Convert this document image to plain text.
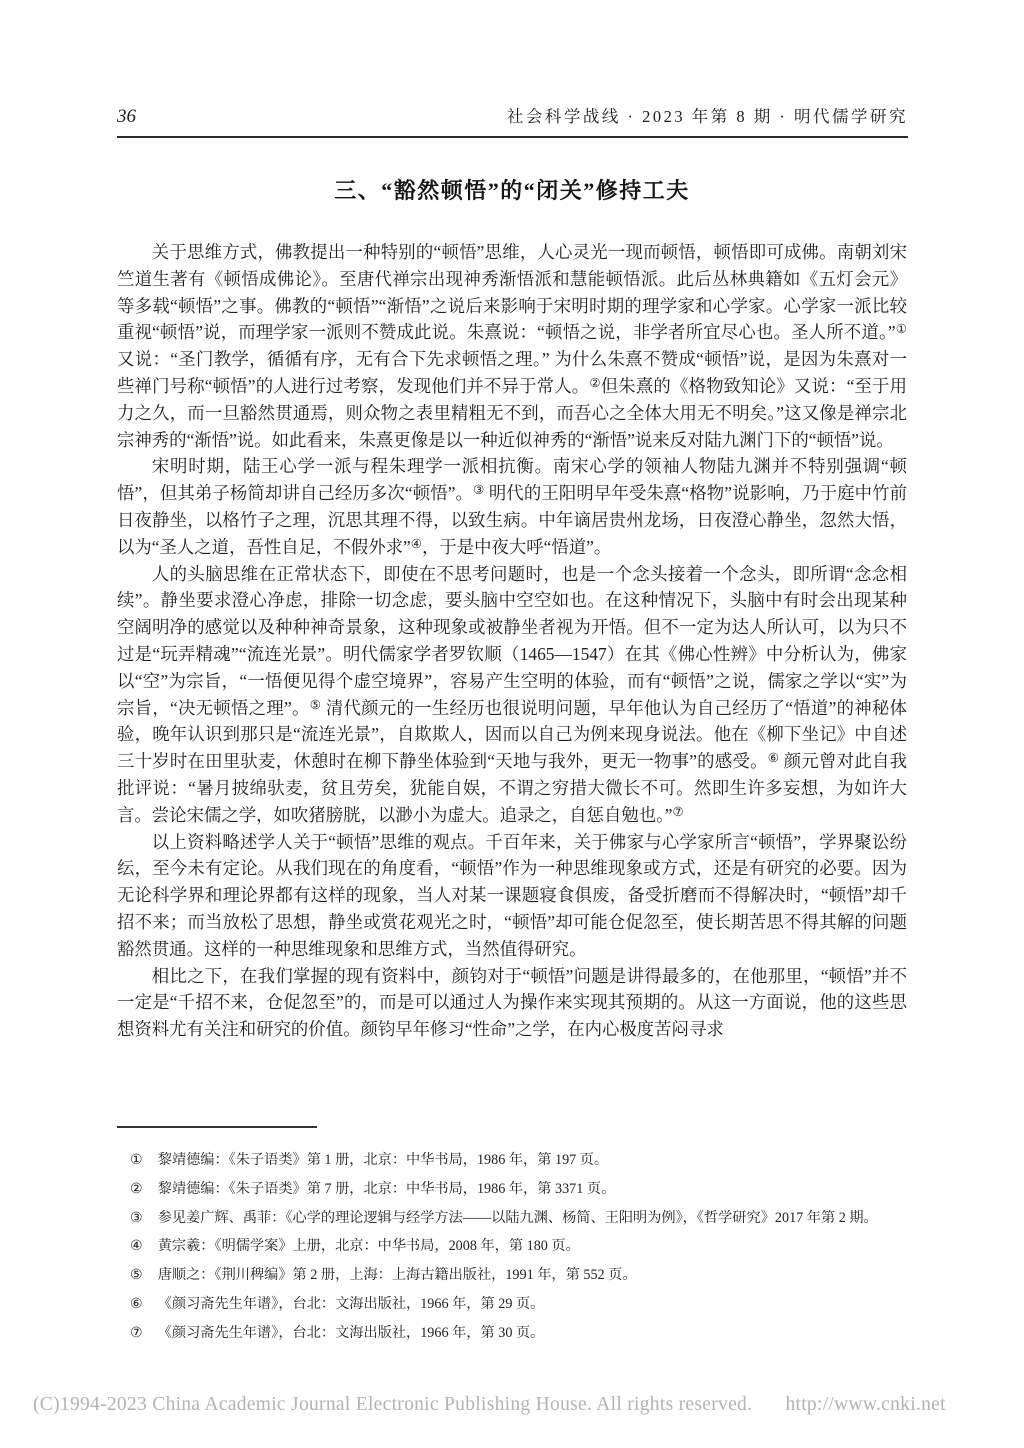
36	社会科学战线 · 2023 年第 8 期 · 明代儒学研究
三、“豁然顿悟”的“闭关”修持工夫

关于思维方式，佛教提出一种特别的“顿悟”思维，人心灵光一现而顿悟，顿悟即可成佛。南朝刘宋竺道生著有《顿悟成佛论》。至唐代禅宗出现神秀渐悟派和慧能顿悟派。此后丛林典籍如《五灯会元》等多载“顿悟”之事。佛教的“顿悟”“渐悟”之说后来影响于宋明时期的理学家和心学家。心学家一派比较重视“顿悟”说，而理学家一派则不赞成此说。朱熹说：“顿悟之说，非学者所宜尽心也。圣人所不道。”① 又说：“圣门教学，循循有序，无有合下先求顿悟之理。” 为什么朱熹不赞成“顿悟”说，是因为朱熹对一些禅门号称“顿悟”的人进行过考察，发现他们并不异于常人。②但朱熹的《格物致知论》又说：“至于用力之久，而一旦豁然贯通焉，则众物之表里精粗无不到，而吾心之全体大用无不明矣。”这又像是禅宗北宗神秀的“渐悟”说。如此看来，朱熹更像是以一种近似神秀的“渐悟”说来反对陆九渊门下的“顿悟”说。

宋明时期，陆王心学一派与程朱理学一派相抗衡。南宋心学的领袖人物陆九渊并不特别强调“顿悟”，但其弟子杨简却讲自己经历多次“顿悟”。③ 明代的王阳明早年受朱熹“格物”说影响，乃于庭中竹前日夜静坐，以格竹子之理，沉思其理不得，以致生病。中年谪居贵州龙场，日夜澄心静坐，忽然大悟，以为“圣人之道，吾性自足，不假外求”④，于是中夜大呼“悟道”。

人的头脑思维在正常状态下，即使在不思考问题时，也是一个念头接着一个念头，即所谓“念念相续”。静坐要求澄心净虑，排除一切念虑，要头脑中空空如也。在这种情况下，头脑中有时会出现某种空阔明净的感觉以及种种神奇景象，这种现象或被静坐者视为开悟。但不一定为达人所认可，以为只不过是“玩弄精魂”“流连光景”。明代儒家学者罗钦顺（1465—1547）在其《佛心性辨》中分析认为，佛家以“空”为宗旨，“一悟便见得个虚空境界”，容易产生空明的体验，而有“顿悟”之说，儒家之学以“实”为宗旨，“决无顿悟之理”。⑤ 清代颜元的一生经历也很说明问题，早年他认为自己经历了“悟道”的神秘体验，晚年认识到那只是“流连光景”，自欺欺人，因而以自己为例来现身说法。他在《柳下坐记》中自述三十岁时在田里驮麦，休憩时在柳下静坐体验到“天地与我外，更无一物事”的感受。⑥ 颜元曾对此自我批评说：“暑月披绵驮麦，贫且劳矣，犹能自娱，不谓之穷措大微长不可。然即生许多妄想，为如许大言。尝论宋儒之学，如吹猪膀胱，以渺小为虚大。追录之，自惩自勉也。”⑦

以上资料略述学人关于“顿悟”思维的观点。千百年来，关于佛家与心学家所言“顿悟”，学界聚讼纷纭，至今未有定论。从我们现在的角度看，“顿悟”作为一种思维现象或方式，还是有研究的必要。因为无论科学界和理论界都有这样的现象，当人对某一课题寝食俱废，备受折磨而不得解决时，“顿悟”却千招不来；而当放松了思想，静坐或赏花观光之时，“顿悟”却可能仓促忽至，使长期苦思不得其解的问题豁然贯通。这样的一种思维现象和思维方式，当然值得研究。

相比之下，在我们掌握的现有资料中，颜钧对于“顿悟”问题是讲得最多的，在他那里，“顿悟”并不一定是“千招不来，仓促忽至”的，而是可以通过人为操作来实现其预期的。从这一方面说，他的这些思想资料尤有关注和研究的价值。颜钧早年修习“性命”之学，在内心极度苦闷寻求

① 黎靖德编：《朱子语类》第 1 册，北京：中华书局，1986 年，第 197 页。
② 黎靖德编：《朱子语类》第 7 册，北京：中华书局，1986 年，第 3371 页。
③ 参见姜广辉、禹菲：《心学的理论逻辑与经学方法——以陆九渊、杨简、王阳明为例》，《哲学研究》2017 年第 2 期。
④ 黄宗羲：《明儒学案》上册，北京：中华书局，2008 年，第 180 页。
⑤ 唐顺之：《荆川稗编》第 2 册，上海：上海古籍出版社，1991 年，第 552 页。
⑥ 《颜习斋先生年谱》，台北：文海出版社，1966 年，第 29 页。
⑦ 《颜习斋先生年谱》，台北：文海出版社，1966 年，第 30 页。
(C)1994-2023 China Academic Journal Electronic Publishing House. All rights reserved. http://www.cnki.net
